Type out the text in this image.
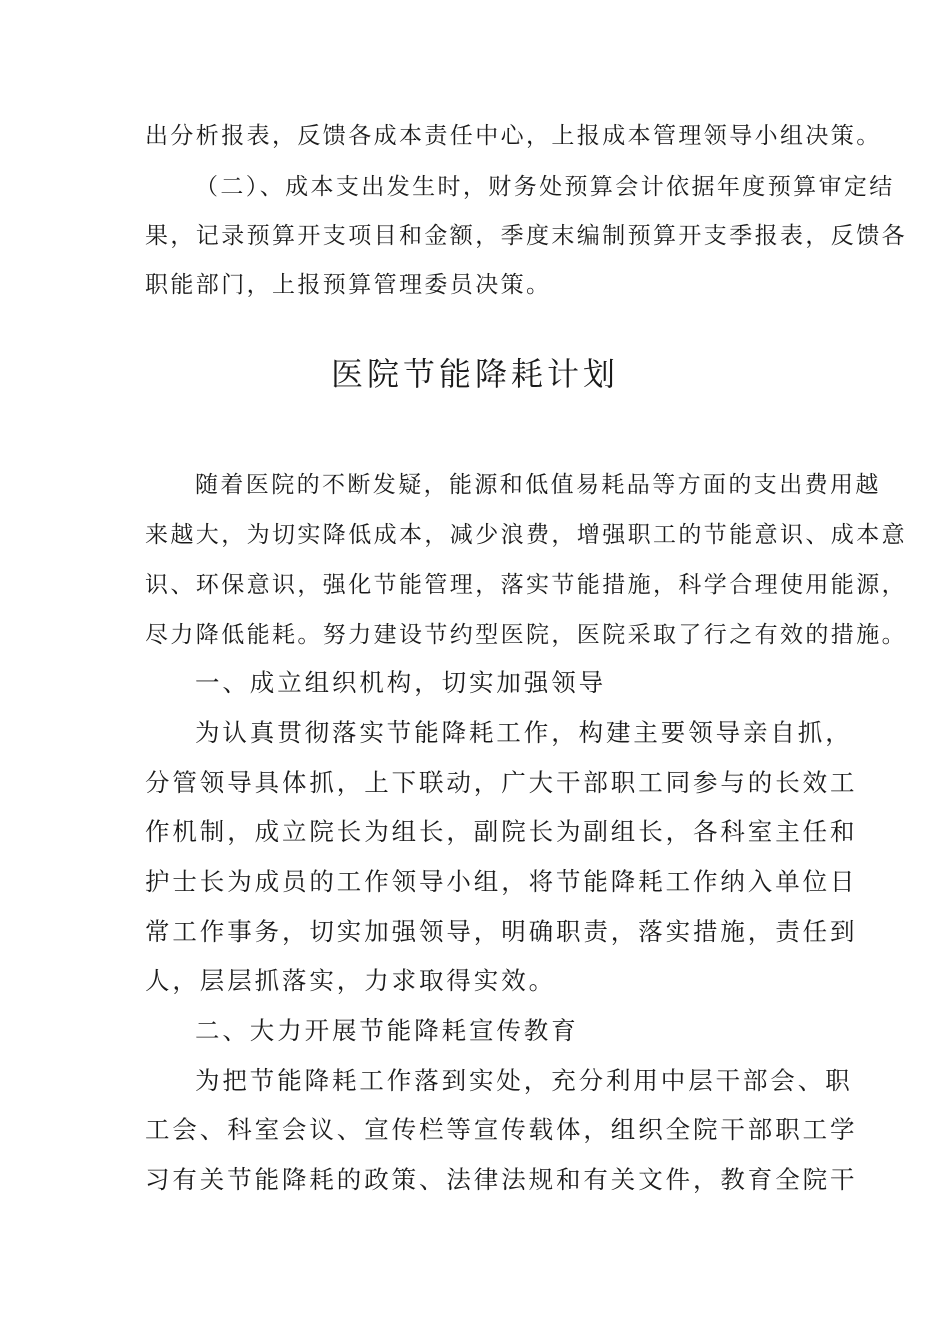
出分析报表，反馈各成本责任中心，上报成本管理领导小组决策。
（二）、成本支出发生时，财务处预算会计依据年度预算审定结
果，记录预算开支项目和金额，季度末编制预算开支季报表，反馈各
职能部门，上报预算管理委员决策。
医院节能降耗计划
随着医院的不断发疑，能源和低值易耗品等方面的支出费用越
来越大，为切实降低成本，减少浪费，增强职工的节能意识、成本意
识、环保意识，强化节能管理，落实节能措施，科学合理使用能源，
尽力降低能耗。努力建设节约型医院，医院采取了行之有效的措施。
一、成立组织机构，切实加强领导
为认真贯彻落实节能降耗工作，构建主要领导亲自抓，
分管领导具体抓，上下联动，广大干部职工同参与的长效工
作机制，成立院长为组长，副院长为副组长，各科室主任和
护士长为成员的工作领导小组，将节能降耗工作纳入单位日
常工作事务，切实加强领导，明确职责，落实措施，责任到
人，层层抓落实，力求取得实效。
二、大力开展节能降耗宣传教育
为把节能降耗工作落到实处，充分利用中层干部会、职
工会、科室会议、宣传栏等宣传载体，组织全院干部职工学
习有关节能降耗的政策、法律法规和有关文件，教育全院干
